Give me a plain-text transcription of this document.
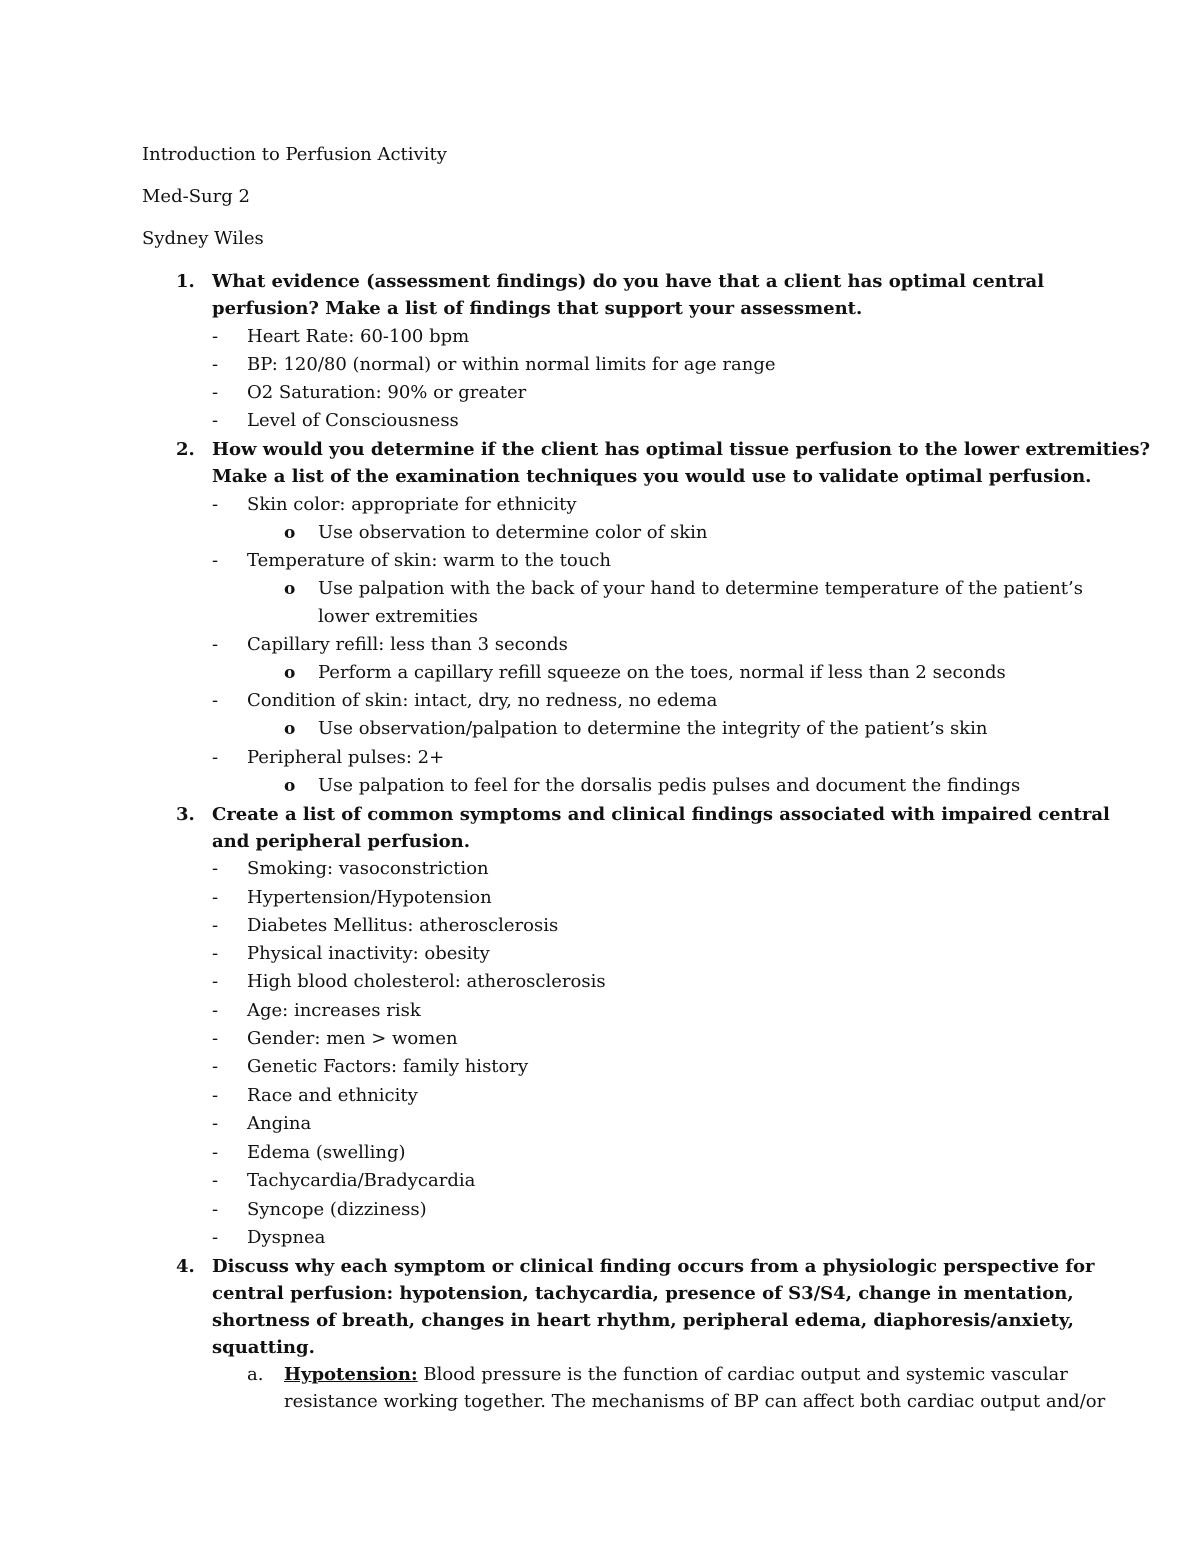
Introduction to Perfusion Activity
Med-Surg 2
Sydney Wiles
1. What evidence (assessment findings) do you have that a client has optimal central
perfusion? Make a list of findings that support your assessment.
- Heart Rate: 60-100 bpm
- BP: 120/80 (normal) or within normal limits for age range
- O2 Saturation: 90% or greater
- Level of Consciousness
2. How would you determine if the client has optimal tissue perfusion to the lower extremities?
Make a list of the examination techniques you would use to validate optimal perfusion.
- Skin color: appropriate for ethnicity
o Use observation to determine color of skin
- Temperature of skin: warm to the touch
o Use palpation with the back of your hand to determine temperature of the patient’s
lower extremities
- Capillary refill: less than 3 seconds
o Perform a capillary refill squeeze on the toes, normal if less than 2 seconds
- Condition of skin: intact, dry, no redness, no edema
o Use observation/palpation to determine the integrity of the patient’s skin
- Peripheral pulses: 2+
o Use palpation to feel for the dorsalis pedis pulses and document the findings
3. Create a list of common symptoms and clinical findings associated with impaired central
and peripheral perfusion.
- Smoking: vasoconstriction
- Hypertension/Hypotension
- Diabetes Mellitus: atherosclerosis
- Physical inactivity: obesity
- High blood cholesterol: atherosclerosis
- Age: increases risk
- Gender: men > women
- Genetic Factors: family history
- Race and ethnicity
- Angina
- Edema (swelling)
- Tachycardia/Bradycardia
- Syncope (dizziness)
- Dyspnea
4. Discuss why each symptom or clinical finding occurs from a physiologic perspective for
central perfusion: hypotension, tachycardia, presence of S3/S4, change in mentation,
shortness of breath, changes in heart rhythm, peripheral edema, diaphoresis/anxiety,
squatting.
a. Hypotension: Blood pressure is the function of cardiac output and systemic vascular
resistance working together. The mechanisms of BP can affect both cardiac output and/or
